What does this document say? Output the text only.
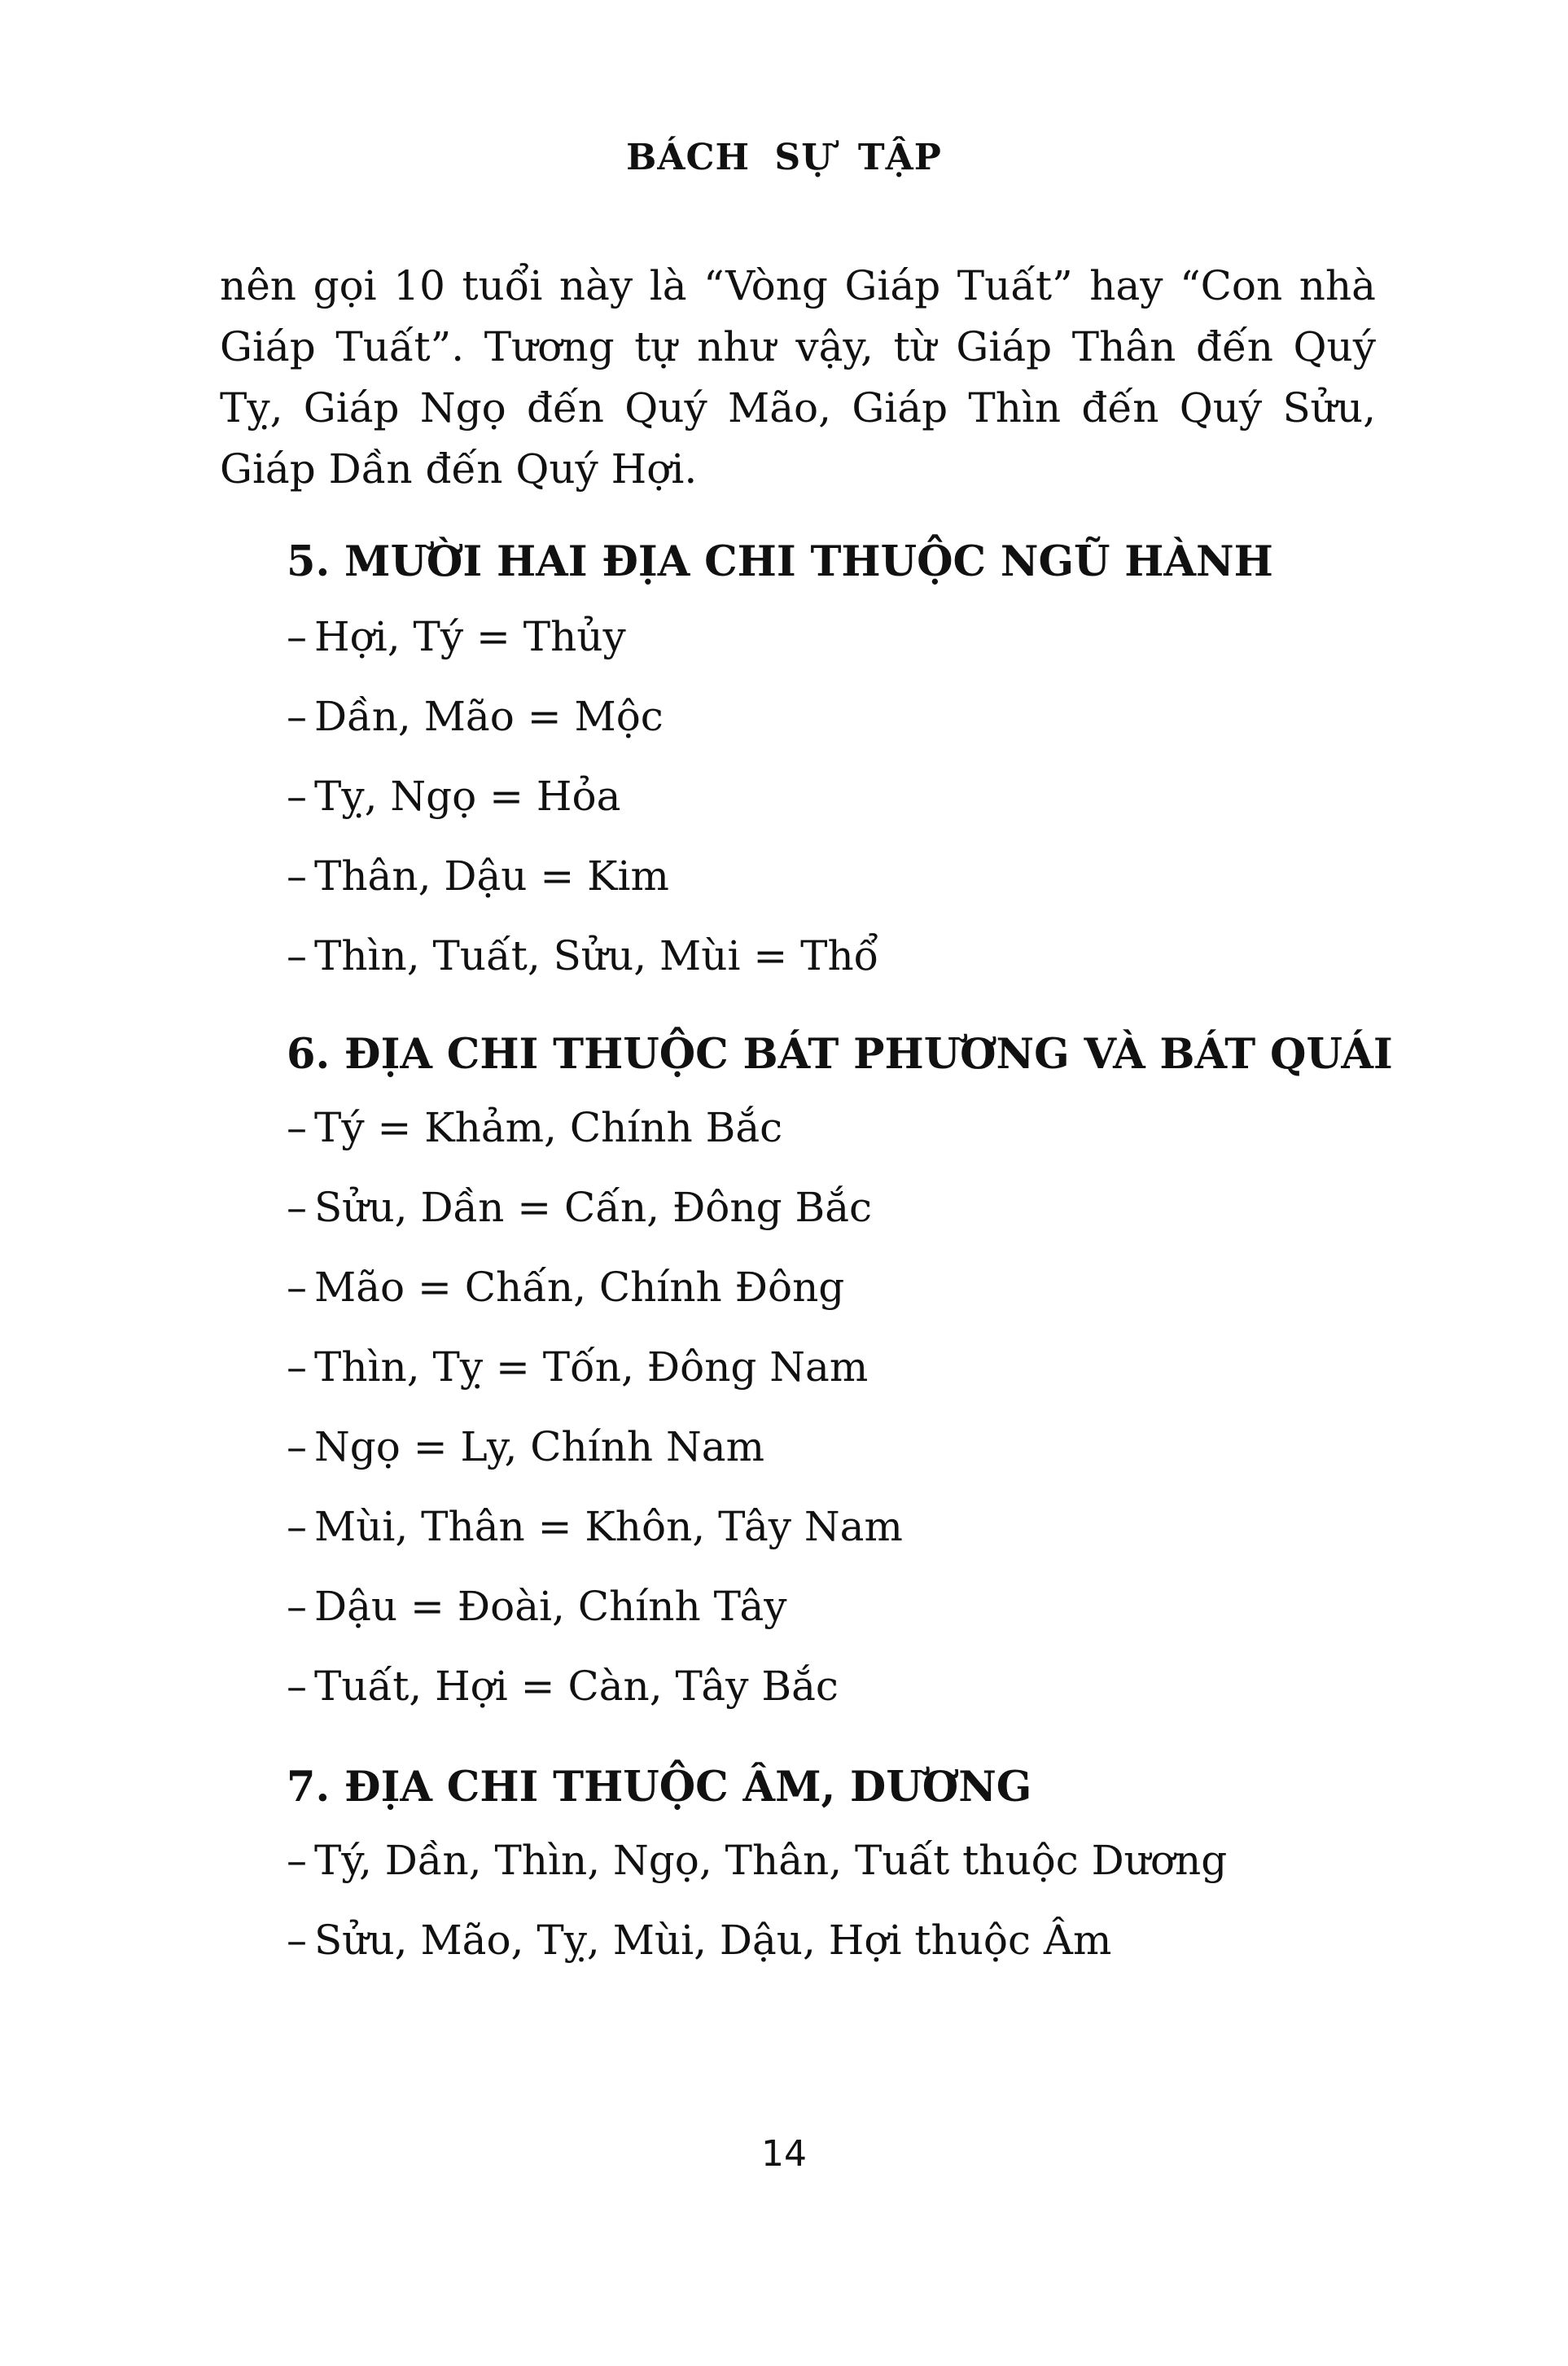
BÁCH SỰ TẬP

nên gọi 10 tuổi này là “Vòng Giáp Tuất” hay “Con nhà Giáp Tuất”. Tương tự như vậy, từ Giáp Thân đến Quý Tỵ, Giáp Ngọ đến Quý Mão, Giáp Thìn đến Quý Sửu, Giáp Dần đến Quý Hợi.

5. MƯỜI HAI ĐỊA CHI THUỘC NGŨ HÀNH
– Hợi, Tý = Thủy
– Dần, Mão = Mộc
– Tỵ, Ngọ = Hỏa
– Thân, Dậu = Kim
– Thìn, Tuất, Sửu, Mùi = Thổ
6. ĐỊA CHI THUỘC BÁT PHƯƠNG VÀ BÁT QUÁI
– Tý = Khảm, Chính Bắc
– Sửu, Dần = Cấn, Đông Bắc
– Mão = Chấn, Chính Đông
– Thìn, Tỵ = Tốn, Đông Nam
– Ngọ = Ly, Chính Nam
– Mùi, Thân = Khôn, Tây Nam
– Dậu = Đoài, Chính Tây
– Tuất, Hợi = Càn, Tây Bắc
7. ĐỊA CHI THUỘC ÂM, DƯƠNG
– Tý, Dần, Thìn, Ngọ, Thân, Tuất thuộc Dương
– Sửu, Mão, Tỵ, Mùi, Dậu, Hợi thuộc Âm
14
